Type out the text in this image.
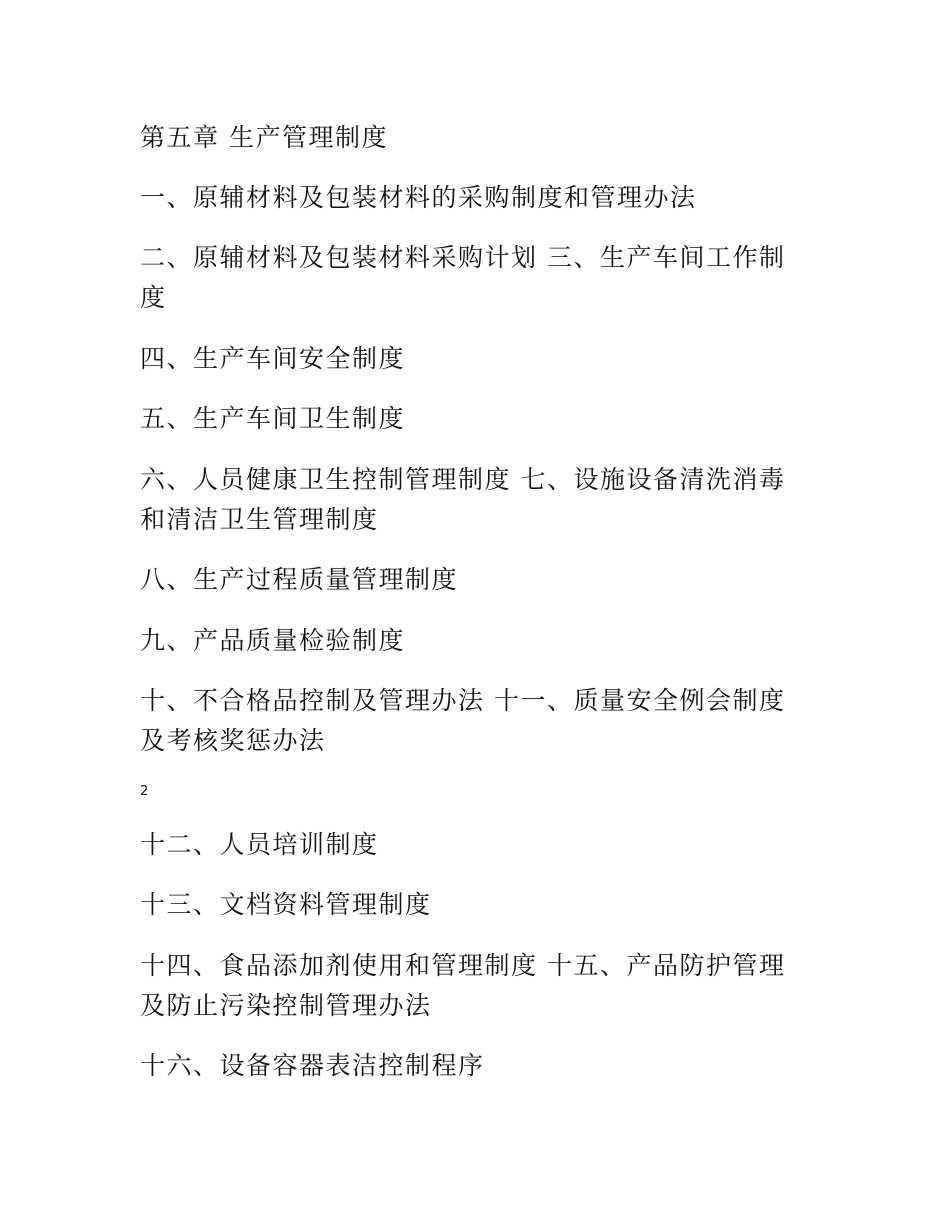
第五章 生产管理制度
一、原辅材料及包装材料的采购制度和管理办法
二、原辅材料及包装材料采购计划 三、生产车间工作制度
四、生产车间安全制度
五、生产车间卫生制度
六、人员健康卫生控制管理制度 七、设施设备清洗消毒和清洁卫生管理制度
八、生产过程质量管理制度
九、产品质量检验制度
十、不合格品控制及管理办法 十一、质量安全例会制度及考核奖惩办法
2
十二、人员培训制度
十三、文档资料管理制度
十四、食品添加剂使用和管理制度 十五、产品防护管理及防止污染控制管理办法
十六、设备容器表洁控制程序
